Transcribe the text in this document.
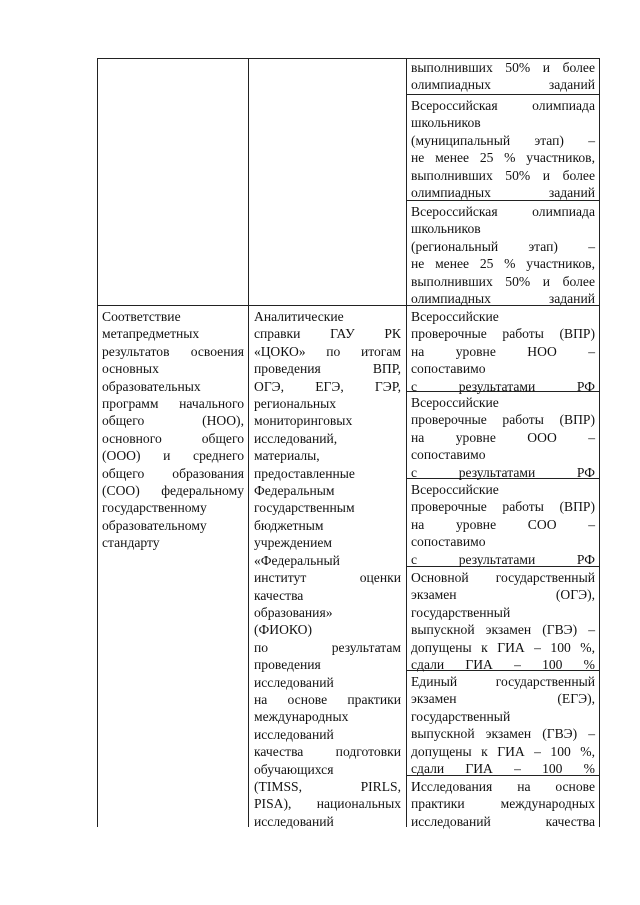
выполнивших 50% и более

олимпиадных заданий

Всероссийская олимпиада

школьников

(муниципальный этап) –

не менее 25 % участников,

выполнивших 50% и более

олимпиадных заданий

Всероссийская олимпиада

школьников

(региональный этап) –

не менее 25 % участников,

выполнивших 50% и более

олимпиадных заданий

Соответствие

метапредметных

результатов освоения

основных

образовательных

программ начального

общего (НОО),

основного общего

(ООО) и среднего

общего образования

(СОО) федеральному

государственному

образовательному

стандарту

Аналитические

справки ГАУ РК

«ЦОКО» по итогам

проведения ВПР,

ОГЭ, ЕГЭ, ГЭР,

региональных

мониторинговых

исследований,

материалы,

предоставленные

Федеральным

государственным

бюджетным

учреждением

«Федеральный

институт оценки

качества

образования»

(ФИОКО)

по результатам

проведения

исследований

на основе практики

международных

исследований

качества подготовки

обучающихся

(TIMSS, PIRLS,

PISA), национальных

исследований

Всероссийские

проверочные работы (ВПР)

на уровне НОО –

сопоставимо

с результатами РФ

Всероссийские

проверочные работы (ВПР)

на уровне ООО –

сопоставимо

с результатами РФ

Всероссийские

проверочные работы (ВПР)

на уровне СОО –

сопоставимо

с результатами РФ

Основной государственный

экзамен (ОГЭ),

государственный

выпускной экзамен (ГВЭ) –

допущены к ГИА – 100 %,

сдали ГИА – 100 %

Единый государственный

экзамен (ЕГЭ),

государственный

выпускной экзамен (ГВЭ) –

допущены к ГИА – 100 %,

сдали ГИА – 100 %

Исследования на основе

практики международных

исследований качества
